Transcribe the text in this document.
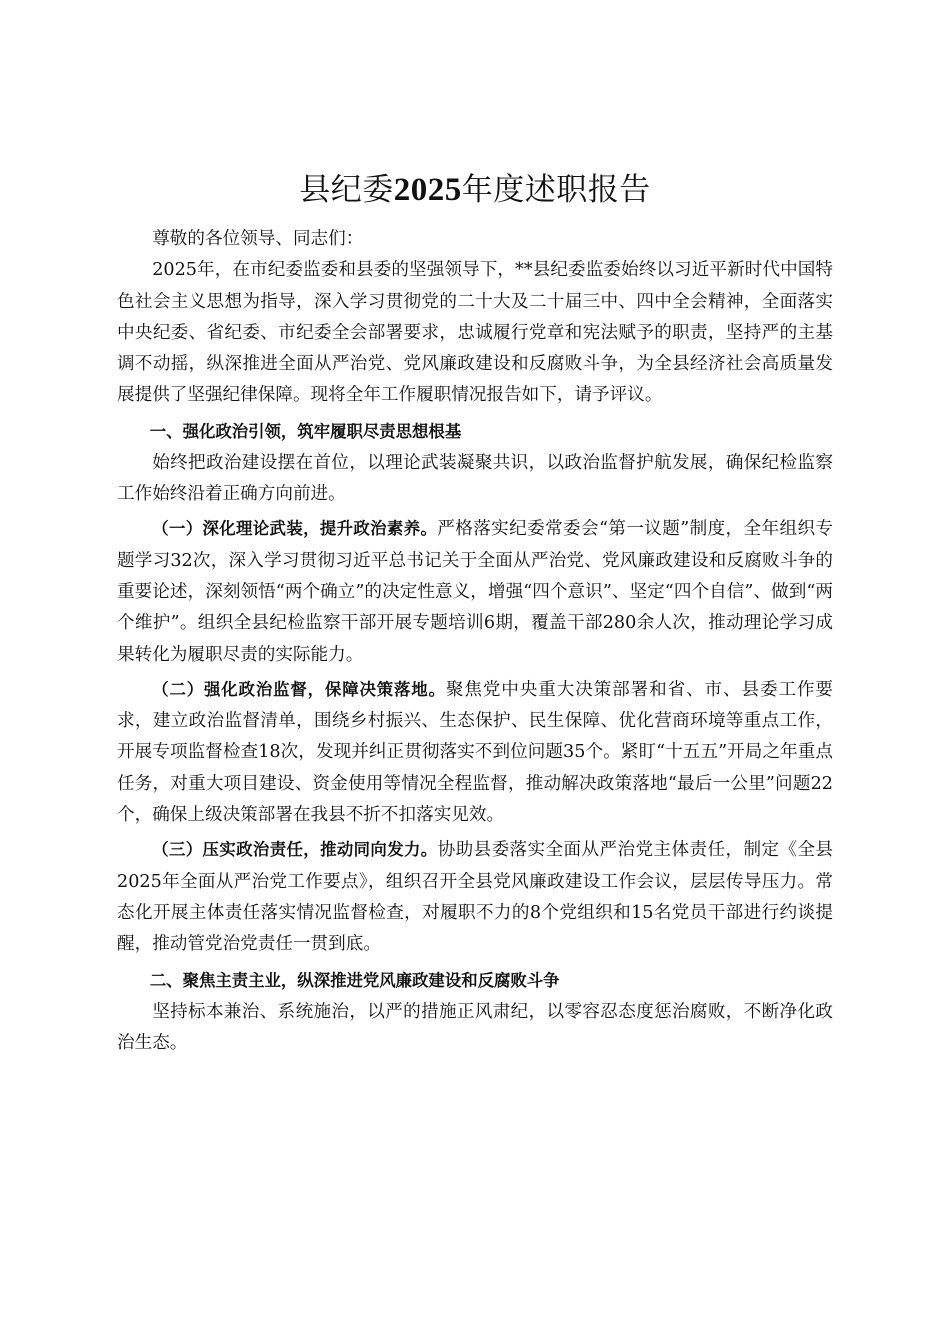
县纪委2025年度述职报告

尊敬的各位领导、同志们：

2025年，在市纪委监委和县委的坚强领导下，**县纪委监委始终以习近平新时代中国特色社会主义思想为指导，深入学习贯彻党的二十大及二十届三中、四中全会精神，全面落实中央纪委、省纪委、市纪委全会部署要求，忠诚履行党章和宪法赋予的职责，坚持严的主基调不动摇，纵深推进全面从严治党、党风廉政建设和反腐败斗争，为全县经济社会高质量发展提供了坚强纪律保障。现将全年工作履职情况报告如下，请予评议。

一、强化政治引领，筑牢履职尽责思想根基

始终把政治建设摆在首位，以理论武装凝聚共识，以政治监督护航发展，确保纪检监察工作始终沿着正确方向前进。

（一）深化理论武装，提升政治素养。严格落实纪委常委会“第一议题”制度，全年组织专题学习32次，深入学习贯彻习近平总书记关于全面从严治党、党风廉政建设和反腐败斗争的重要论述，深刻领悟“两个确立”的决定性意义，增强“四个意识”、坚定“四个自信”、做到“两个维护”。组织全县纪检监察干部开展专题培训6期，覆盖干部280余人次，推动理论学习成果转化为履职尽责的实际能力。

（二）强化政治监督，保障决策落地。聚焦党中央重大决策部署和省、市、县委工作要求，建立政治监督清单，围绕乡村振兴、生态保护、民生保障、优化营商环境等重点工作，开展专项监督检查18次，发现并纠正贯彻落实不到位问题35个。紧盯“十五五”开局之年重点任务，对重大项目建设、资金使用等情况全程监督，推动解决政策落地“最后一公里”问题22个，确保上级决策部署在我县不折不扣落实见效。

（三）压实政治责任，推动同向发力。协助县委落实全面从严治党主体责任，制定《全县2025年全面从严治党工作要点》，组织召开全县党风廉政建设工作会议，层层传导压力。常态化开展主体责任落实情况监督检查，对履职不力的8个党组织和15名党员干部进行约谈提醒，推动管党治党责任一贯到底。

二、聚焦主责主业，纵深推进党风廉政建设和反腐败斗争

坚持标本兼治、系统施治，以严的措施正风肃纪，以零容忍态度惩治腐败，不断净化政治生态。
